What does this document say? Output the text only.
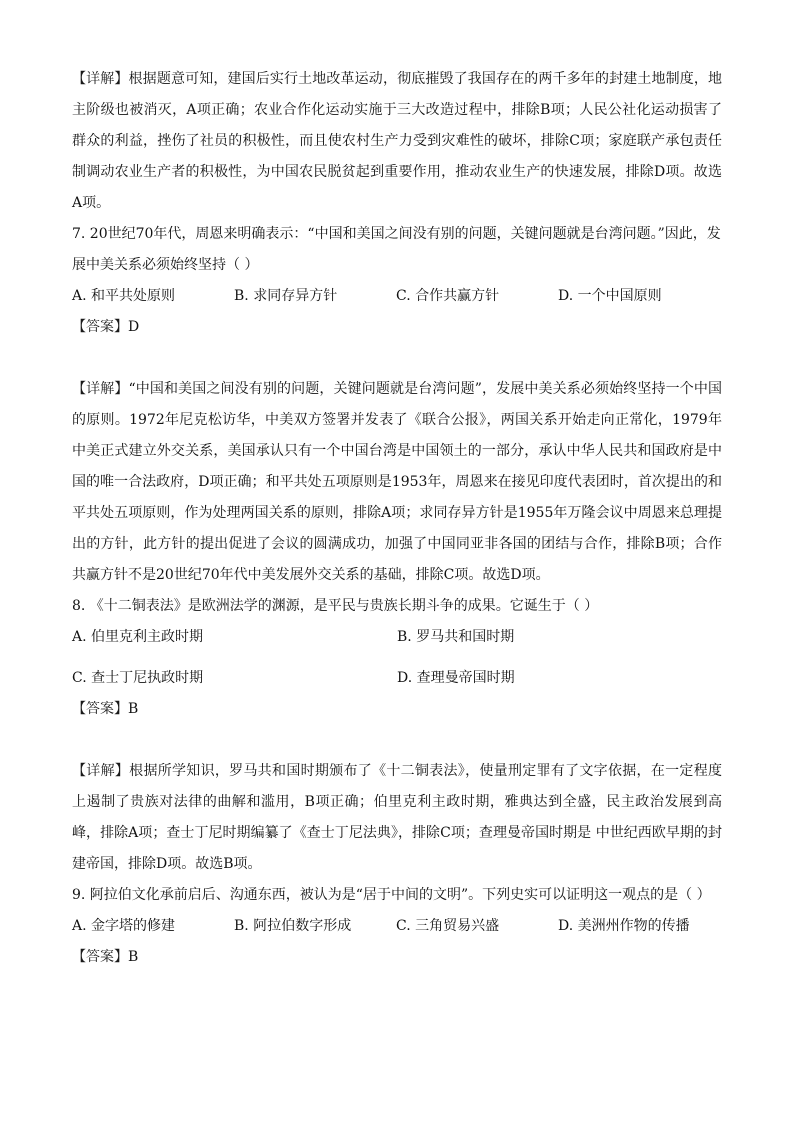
【详解】根据题意可知，建国后实行土地改革运动，彻底摧毁了我国存在的两千多年的封建土地制度，地主阶级也被消灭，A项正确；农业合作化运动实施于三大改造过程中，排除B项；人民公社化运动损害了群众的利益，挫伤了社员的积极性，而且使农村生产力受到灾难性的破坏，排除C项；家庭联产承包责任制调动农业生产者的积极性，为中国农民脱贫起到重要作用，推动农业生产的快速发展，排除D项。故选A项。

7. 20世纪70年代，周恩来明确表示：“中国和美国之间没有别的问题，关键问题就是台湾问题。”因此，发展中美关系必须始终坚持（ ）

A. 和平共处原则	B. 求同存异方针	C. 合作共赢方针	D. 一个中国原则

【答案】D

【详解】“中国和美国之间没有别的问题，关键问题就是台湾问题”，发展中美关系必须始终坚持一个中国的原则。1972年尼克松访华，中美双方签署并发表了《联合公报》，两国关系开始走向正常化，1979年中美正式建立外交关系，美国承认只有一个中国台湾是中国领土的一部分，承认中华人民共和国政府是中国的唯一合法政府，D项正确；和平共处五项原则是1953年，周恩来在接见印度代表团时，首次提出的和平共处五项原则，作为处理两国关系的原则，排除A项；求同存异方针是1955年万隆会议中周恩来总理提出的方针，此方针的提出促进了会议的圆满成功，加强了中国同亚非各国的团结与合作，排除B项；合作共赢方针不是20世纪70年代中美发展外交关系的基础，排除C项。故选D项。

8. 《十二铜表法》是欧洲法学的渊源，是平民与贵族长期斗争的成果。它诞生于（ ）

A. 伯里克利主政时期	B. 罗马共和国时期
C. 查士丁尼执政时期	D. 查理曼帝国时期

【答案】B

【详解】根据所学知识，罗马共和国时期颁布了《十二铜表法》，使量刑定罪有了文字依据，在一定程度上遏制了贵族对法律的曲解和滥用，B项正确；伯里克利主政时期，雅典达到全盛，民主政治发展到高峰，排除A项；查士丁尼时期编纂了《查士丁尼法典》，排除C项；查理曼帝国时期是 中世纪西欧早期的封建帝国，排除D项。故选B项。

9. 阿拉伯文化承前启后、沟通东西，被认为是“居于中间的文明”。下列史实可以证明这一观点的是（ ）

A. 金字塔的修建	B. 阿拉伯数字形成	C. 三角贸易兴盛	D. 美洲州作物的传播

【答案】B
